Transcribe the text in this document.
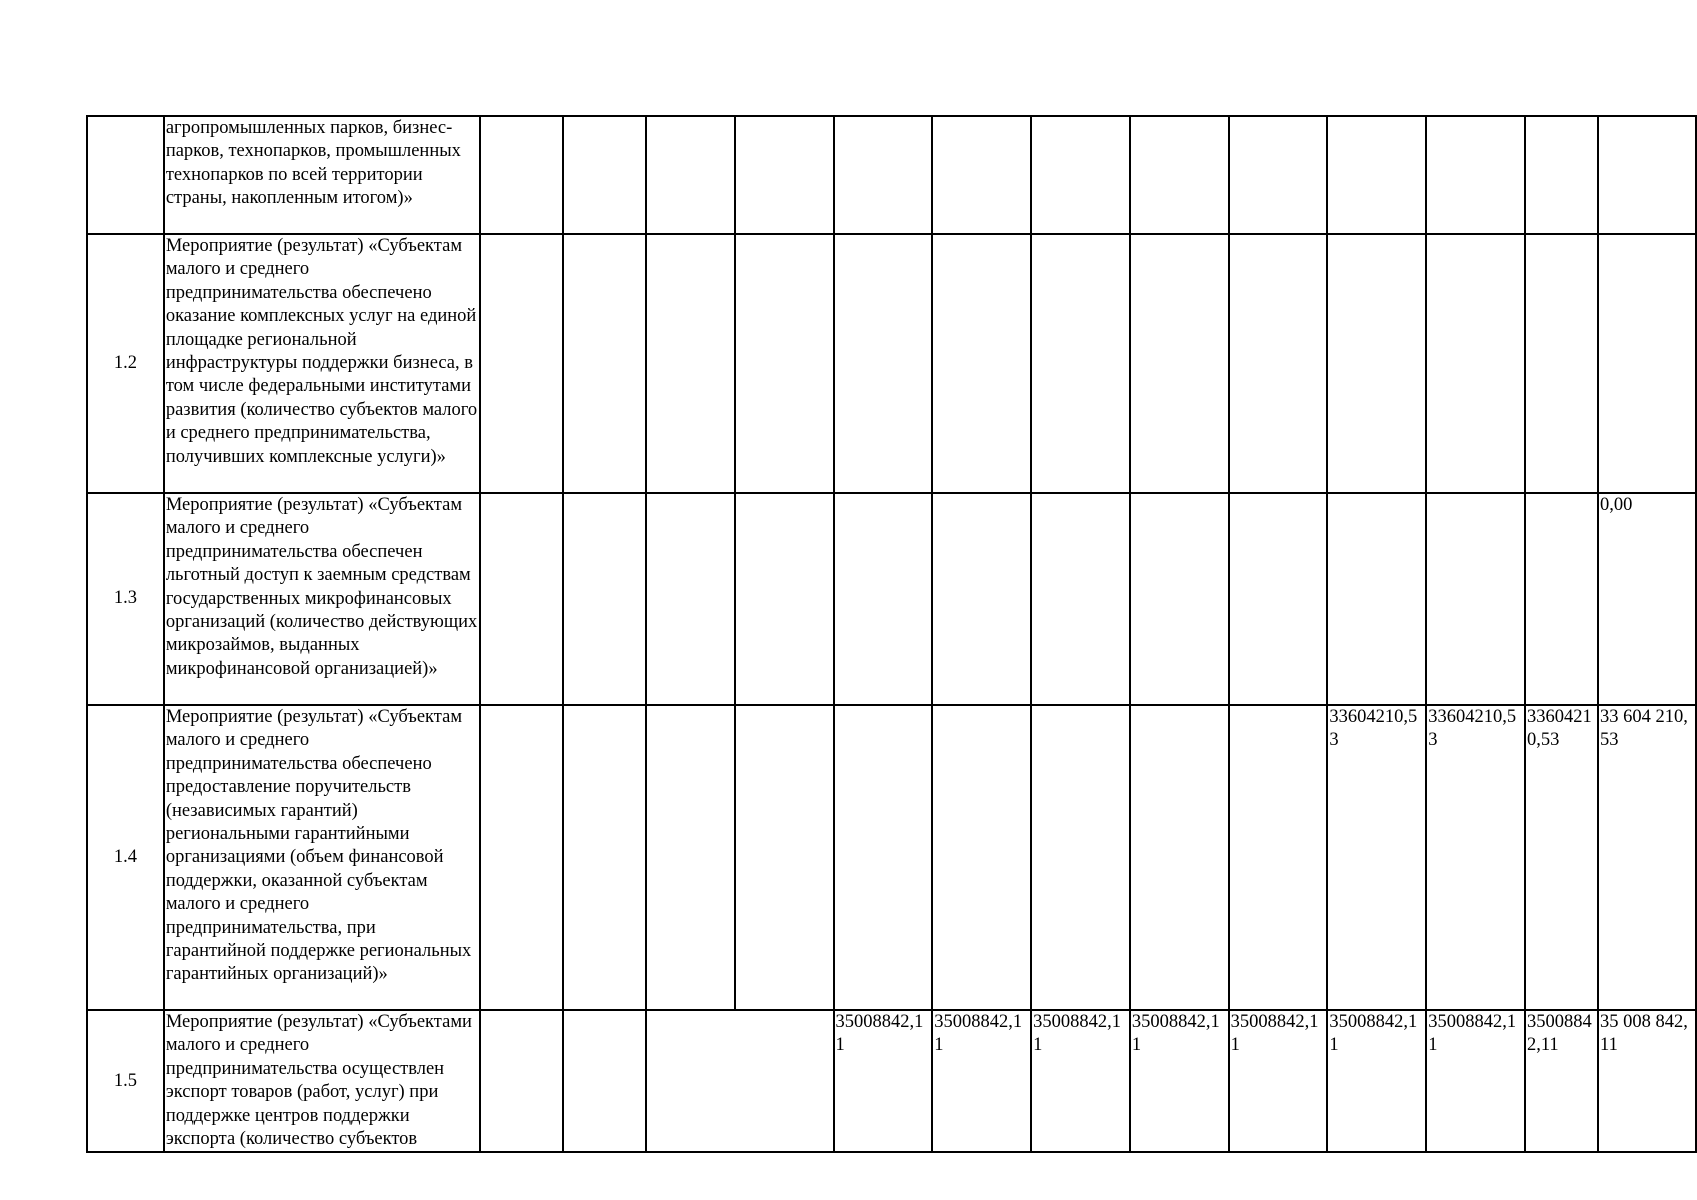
	агропромышленных парков, бизнес-парков, технопарков, промышленных технопарков по всей территории страны, накопленным итогом)»													
1.2	Мероприятие (результат) «Субъектам малого и среднего предпринимательства обеспечено оказание комплексных услуг на единой площадке региональной инфраструктуры поддержки бизнеса, в том числе федеральными институтами развития (количество субъектов малого и среднего предпринимательства, получивших комплексные услуги)»													
1.3	Мероприятие (результат) «Субъектам малого и среднего предпринимательства обеспечен льготный доступ к заемным средствам государственных микрофинансовых организаций (количество действующих микрозаймов, выданных микрофинансовой организацией)»													0,00
1.4	Мероприятие (результат) «Субъектам малого и среднего предпринимательства обеспечено предоставление поручительств (независимых гарантий) региональными гарантийными организациями (объем финансовой поддержки, оказанной субъектам малого и среднего предпринимательства, при гарантийной поддержке региональных гарантийных организаций)»										33604210,53	33604210,53	33604210,53	33 604 210,53
1.5	Мероприятие (результат) «Субъектами малого и среднего предпринимательства осуществлен экспорт товаров (работ, услуг) при поддержке центров поддержки экспорта (количество субъектов					35008842,11	35008842,11	35008842,11	35008842,11	35008842,11	35008842,11	35008842,11	35008842,11	35 008 842,11
